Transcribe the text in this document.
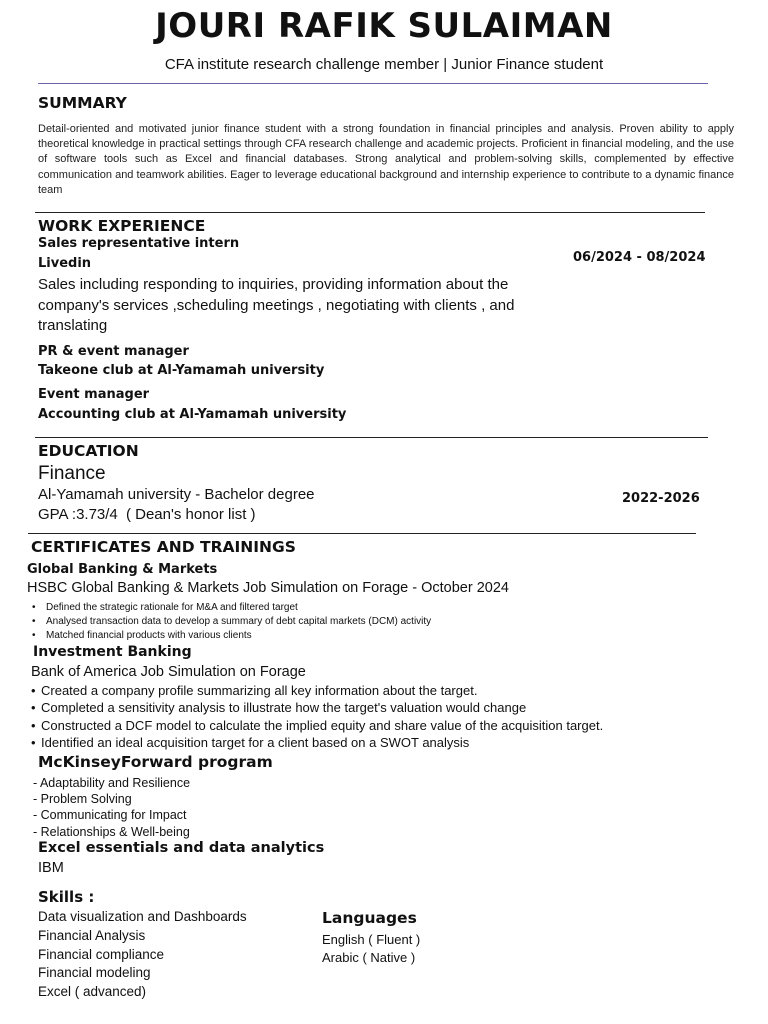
JOURI RAFIK SULAIMAN
CFA institute research challenge member | Junior Finance student
SUMMARY
Detail-oriented and motivated junior finance student with a strong foundation in financial principles and analysis. Proven ability to apply theoretical knowledge in practical settings through CFA research challenge and academic projects. Proficient in financial modeling, and the use of software tools such as Excel and financial databases. Strong analytical and problem-solving skills, complemented by effective communication and teamwork abilities. Eager to leverage educational background and internship experience to contribute to a dynamic finance team
WORK EXPERIENCE
Sales representative intern
Livedin	06/2024 - 08/2024
Sales including responding to inquiries, providing information about the company's services ,scheduling meetings , negotiating with clients , and translating
PR & event manager
Takeone club at Al-Yamamah university
Event manager
Accounting club at Al-Yamamah university
EDUCATION
Finance
Al-Yamamah university - Bachelor degree
GPA :3.73/4 ( Dean's honor list )
2022-2026
CERTIFICATES AND TRAININGS
Global Banking & Markets
HSBC Global Banking & Markets Job Simulation on Forage - October 2024
•	Defined the strategic rationale for M&A and filtered target
•	Analysed transaction data to develop a summary of debt capital markets (DCM) activity
•	Matched financial products with various clients
Investment Banking
Bank of America Job Simulation on Forage
• Created a company profile summarizing all key information about the target.
• Completed a sensitivity analysis to illustrate how the target's valuation would change
• Constructed a DCF model to calculate the implied equity and share value of the acquisition target.
• Identified an ideal acquisition target for a client based on a SWOT analysis
McKinseyForward program
- Adaptability and Resilience
- Problem Solving
- Communicating for Impact
- Relationships & Well-being
Excel essentials and data analytics
IBM
Skills :
Data visualization and Dashboards
Financial Analysis
Financial compliance
Financial modeling
Excel ( advanced)
Languages
English ( Fluent )
Arabic ( Native )
